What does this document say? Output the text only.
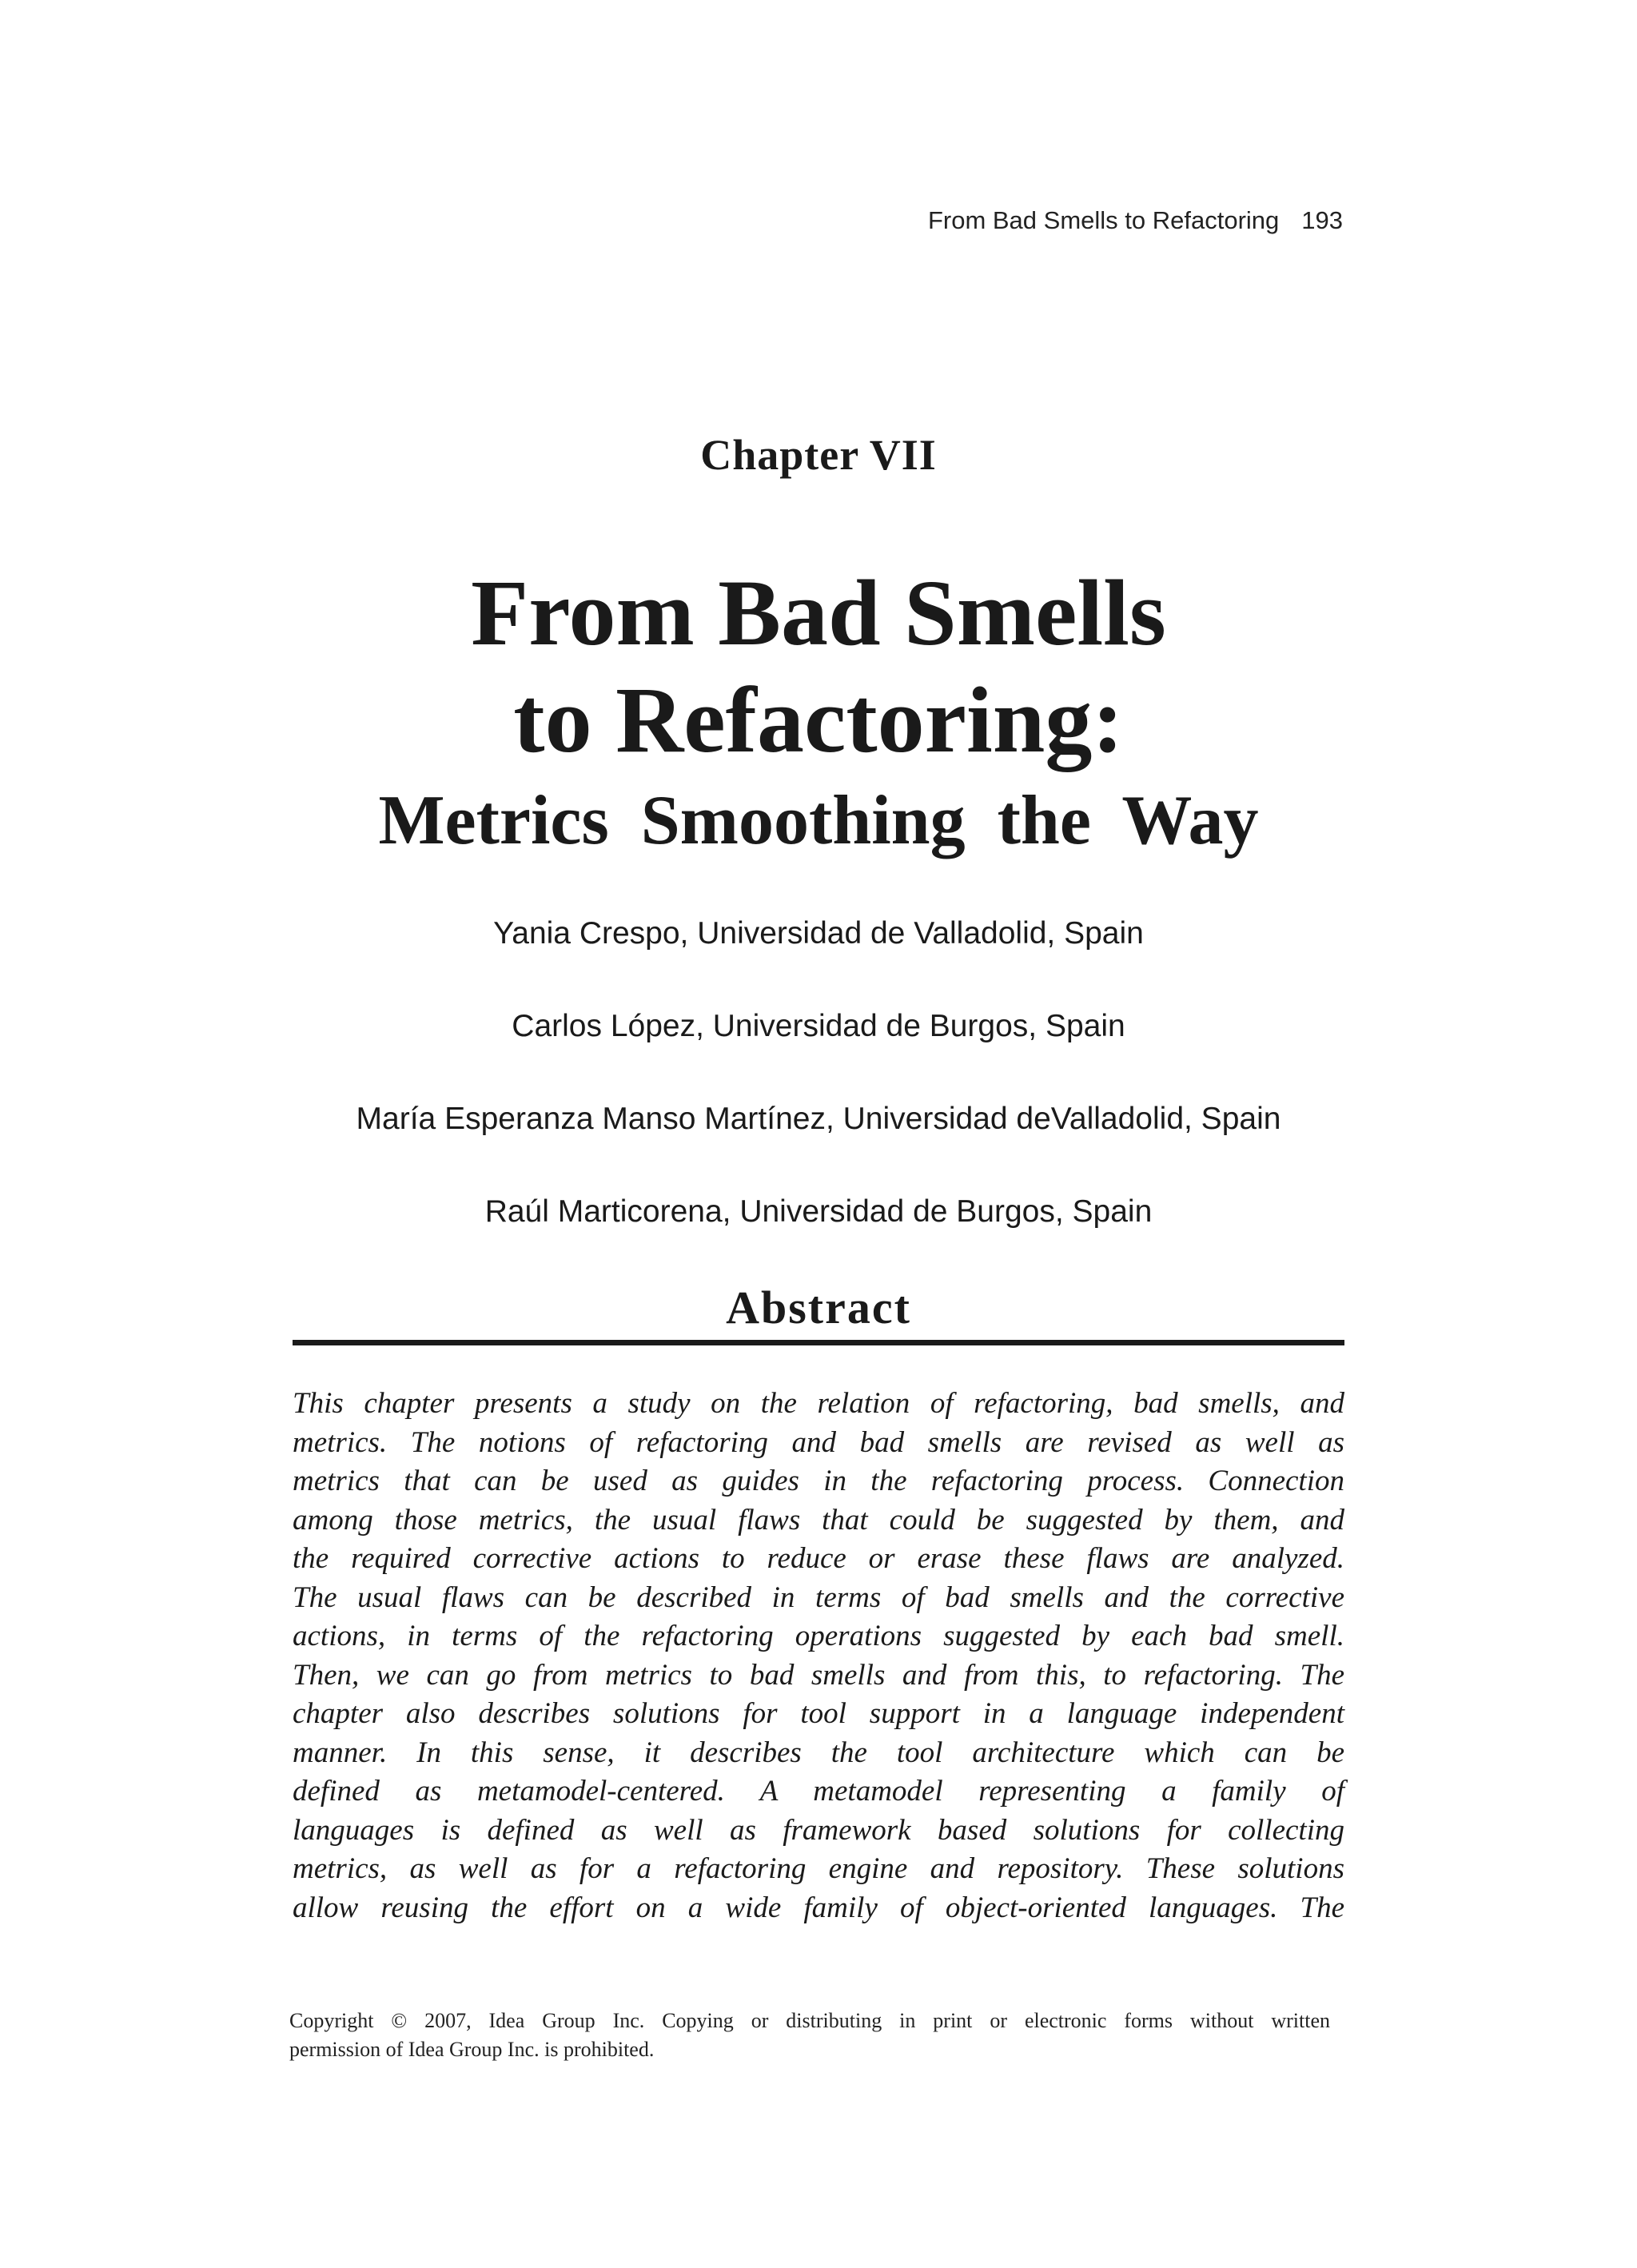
From Bad Smells to Refactoring 193
Chapter VII
From Bad Smells
to Refactoring:
Metrics Smoothing the Way
Yania Crespo, Universidad de Valladolid, Spain
Carlos López, Universidad de Burgos, Spain
María Esperanza Manso Martínez, Universidad deValladolid, Spain
Raúl Marticorena, Universidad de Burgos, Spain
Abstract
This chapter presents a study on the relation of refactoring, bad smells, and
metrics. The notions of refactoring and bad smells are revised as well as
metrics that can be used as guides in the refactoring process. Connection
among those metrics, the usual flaws that could be suggested by them, and
the required corrective actions to reduce or erase these flaws are analyzed.
The usual flaws can be described in terms of bad smells and the corrective
actions, in terms of the refactoring operations suggested by each bad smell.
Then, we can go from metrics to bad smells and from this, to refactoring. The
chapter also describes solutions for tool support in a language independent
manner. In this sense, it describes the tool architecture which can be
defined as metamodel-centered. A metamodel representing a family of
languages is defined as well as framework based solutions for collecting
metrics, as well as for a refactoring engine and repository. These solutions
allow reusing the effort on a wide family of object-oriented languages. The
Copyright © 2007, Idea Group Inc. Copying or distributing in print or electronic forms without written
permission of Idea Group Inc. is prohibited.
